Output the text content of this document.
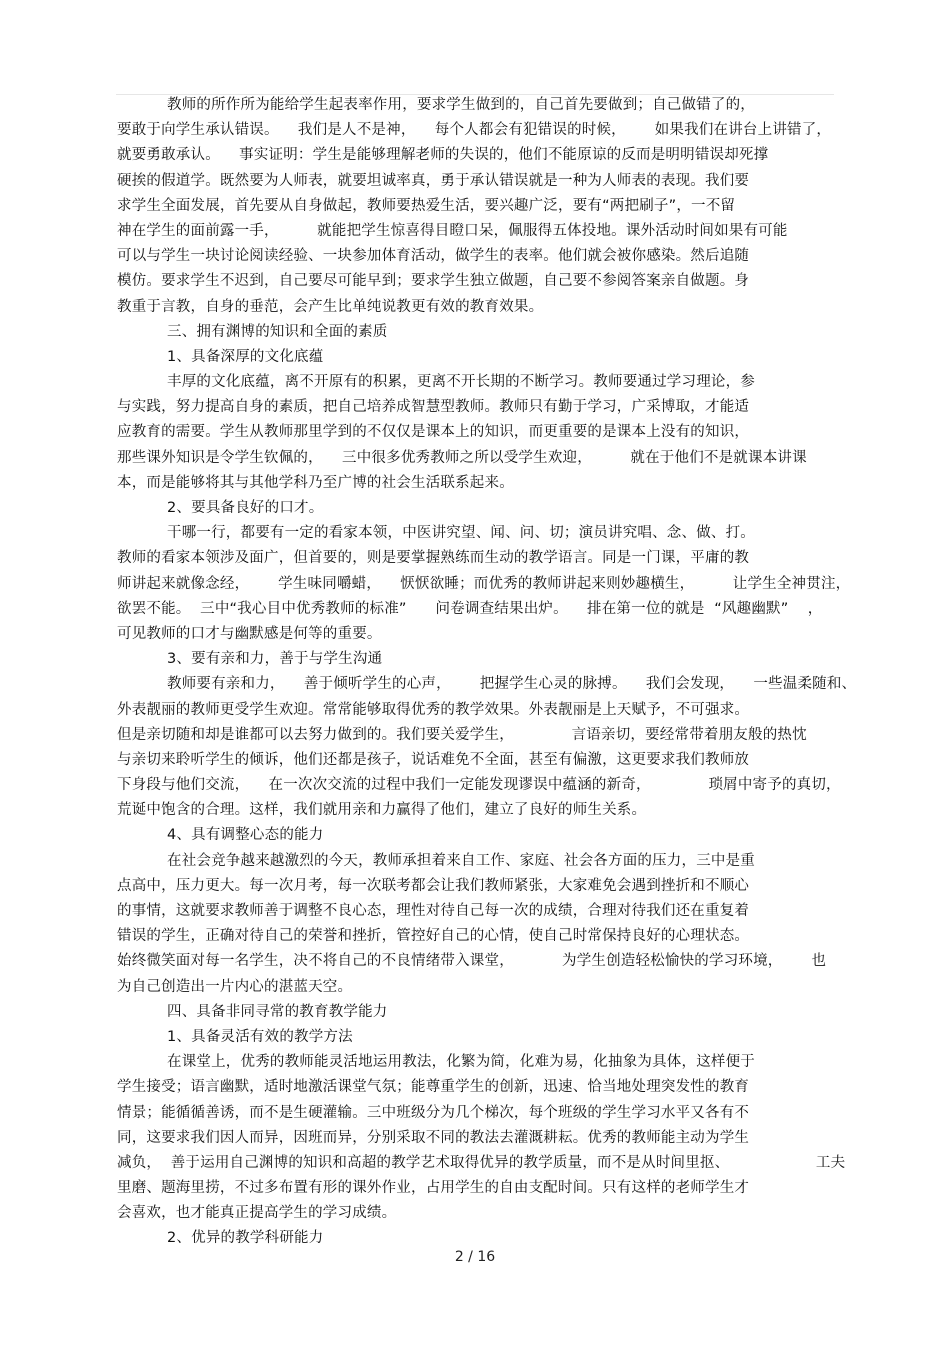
教师的所作所为能给学生起表率作用，要求学生做到的，自己首先要做到；自己做错了的，
要敢于向学生承认错误。    我们是人不是神，    每个人都会有犯错误的时候，      如果我们在讲台上讲错了，
就要勇敢承认。    事实证明：学生是能够理解老师的失误的，他们不能原谅的反而是明明错误却死撑
硬挨的假道学。既然要为人师表，就要坦诚率真，勇于承认错误就是一种为人师表的表现。我们要
求学生全面发展，首先要从自身做起，教师要热爱生活，要兴趣广泛，要有“两把刷子”，一不留
神在学生的面前露一手，        就能把学生惊喜得目瞪口呆，佩服得五体投地。课外活动时间如果有可能
可以与学生一块讨论阅读经验、一块参加体育活动，做学生的表率。他们就会被你感染。然后追随
模仿。要求学生不迟到，自己要尽可能早到；要求学生独立做题，自己要不参阅答案亲自做题。身
教重于言教，自身的垂范，会产生比单纯说教更有效的教育效果。
三、拥有渊博的知识和全面的素质
1、具备深厚的文化底蕴
丰厚的文化底蕴，离不开原有的积累，更离不开长期的不断学习。教师要通过学习理论，参
与实践，努力提高自身的素质，把自己培养成智慧型教师。教师只有勤于学习，广采博取，才能适
应教育的需要。学生从教师那里学到的不仅仅是课本上的知识，而更重要的是课本上没有的知识，
那些课外知识是令学生钦佩的，    三中很多优秀教师之所以受学生欢迎，        就在于他们不是就课本讲课
本，而是能够将其与其他学科乃至广博的社会生活联系起来。
2、要具备良好的口才。
干哪一行，都要有一定的看家本领，中医讲究望、闻、问、切；演员讲究唱、念、做、打。
教师的看家本领涉及面广，但首要的，则是要掌握熟练而生动的教学语言。同是一门课，平庸的教
师讲起来就像念经，      学生味同嚼蜡，    恹恹欲睡；而优秀的教师讲起来则妙趣横生，        让学生全神贯注，
欲罢不能。  三中“我心目中优秀教师的标准”      问卷调查结果出炉。    排在第一位的就是  “风趣幽默”    ，
可见教师的口才与幽默感是何等的重要。
3、要有亲和力，善于与学生沟通
教师要有亲和力，    善于倾听学生的心声，      把握学生心灵的脉搏。    我们会发现，    一些温柔随和、
外表靓丽的教师更受学生欢迎。常常能够取得优秀的教学效果。外表靓丽是上天赋予，不可强求。
但是亲切随和却是谁都可以去努力做到的。我们要关爱学生，            言语亲切，要经常带着朋友般的热忱
与亲切来聆听学生的倾诉，他们还都是孩子，说话难免不全面，甚至有偏激，这更要求我们教师放
下身段与他们交流，    在一次次交流的过程中我们一定能发现谬误中蕴涵的新奇，            琐屑中寄予的真切，
荒诞中饱含的合理。这样，我们就用亲和力赢得了他们，建立了良好的师生关系。
4、具有调整心态的能力
在社会竞争越来越激烈的今天，教师承担着来自工作、家庭、社会各方面的压力，三中是重
点高中，压力更大。每一次月考，每一次联考都会让我们教师紧张，大家难免会遇到挫折和不顺心
的事情，这就要求教师善于调整不良心态，理性对待自己每一次的成绩，合理对待我们还在重复着
错误的学生，正确对待自己的荣誉和挫折，管控好自己的心情，使自己时常保持良好的心理状态。
始终微笑面对每一名学生，决不将自己的不良情绪带入课堂，          为学生创造轻松愉快的学习环境，      也
为自己创造出一片内心的湛蓝天空。
四、具备非同寻常的教育教学能力
1、具备灵活有效的教学方法
在课堂上，优秀的教师能灵活地运用教法，化繁为简，化难为易，化抽象为具体，这样便于
学生接受；语言幽默，适时地激活课堂气氛；能尊重学生的创新，迅速、恰当地处理突发性的教育
情景；能循循善诱，而不是生硬灌输。三中班级分为几个梯次，每个班级的学生学习水平又各有不
同，这要求我们因人而异，因班而异，分别采取不同的教法去灌溉耕耘。优秀的教师能主动为学生
减负，  善于运用自己渊博的知识和高超的教学艺术取得优异的教学质量，而不是从时间里抠、                  工夫
里磨、题海里捞，不过多布置有形的课外作业，占用学生的自由支配时间。只有这样的老师学生才
会喜欢，也才能真正提高学生的学习成绩。
2、优异的教学科研能力
2 / 16
